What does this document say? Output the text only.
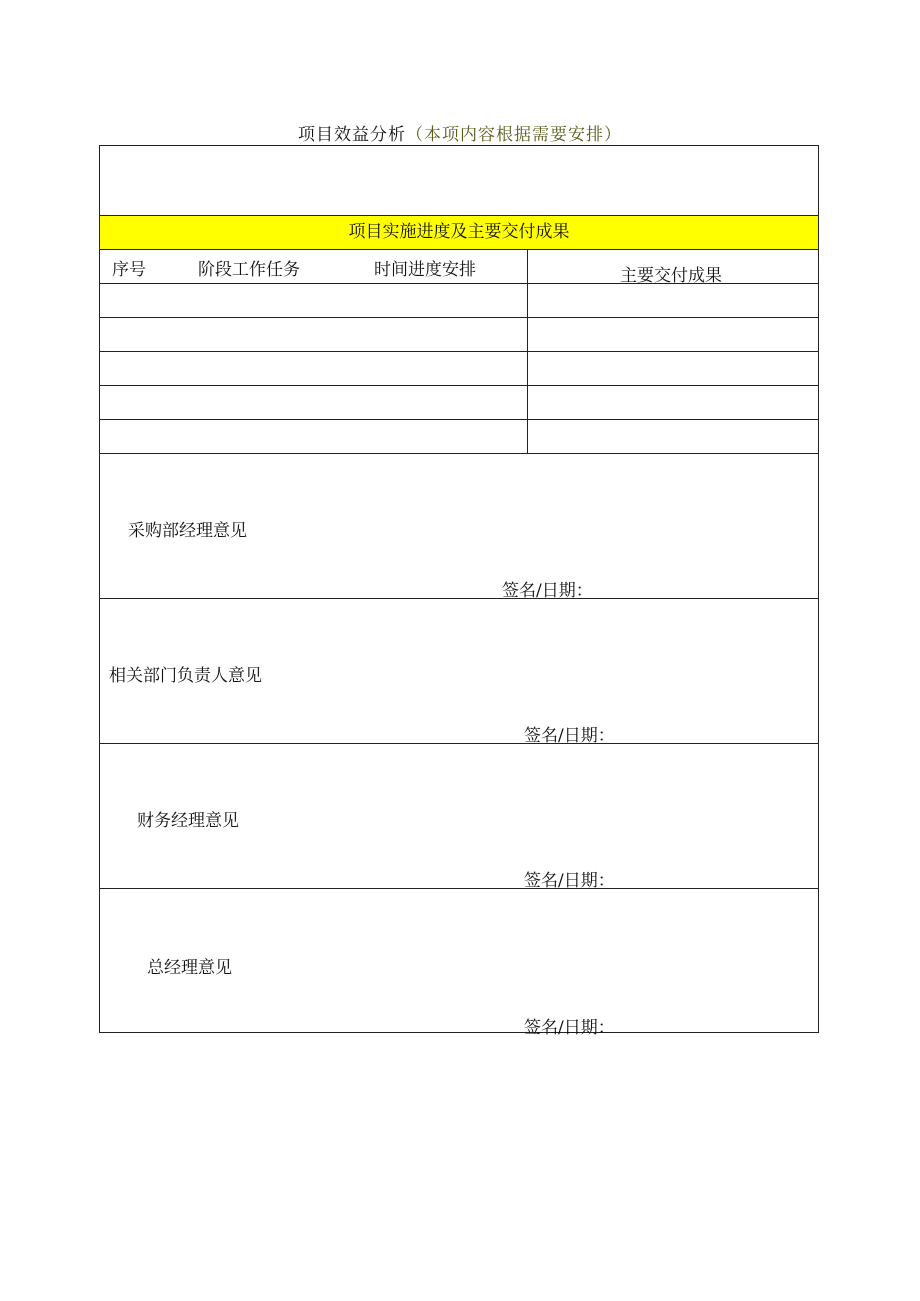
项目效益分析（本项内容根据需要安排）
项目实施进度及主要交付成果
序号	阶段工作任务	时间进度安排	主要交付成果
采购部经理意见
签名/日期：
相关部门负责人意见
签名/日期：
财务经理意见
签名/日期：
总经理意见
签名/日期：
